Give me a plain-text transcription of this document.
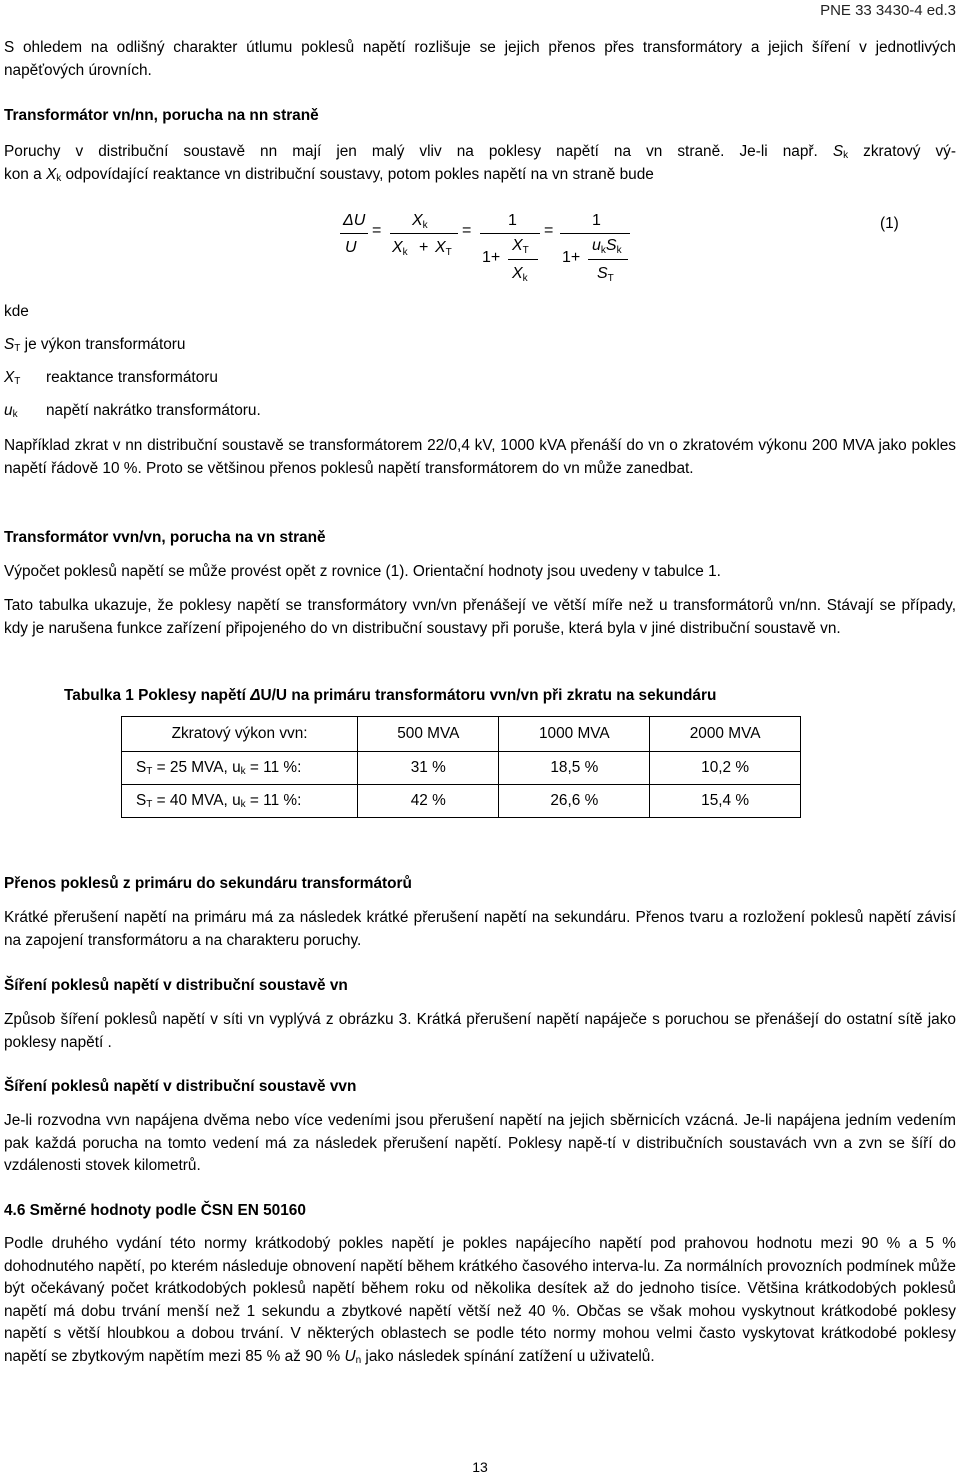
PNE 33 3430-4 ed.3
S ohledem na odlišný charakter útlumu poklesů napětí rozlišuje se jejich přenos přes transformátory a jejich šíření v jednotlivých napěťových úrovních.
Transformátor vn/nn, porucha na nn straně
Poruchy v distribuční soustavě nn mají jen malý vliv na poklesy napětí na vn straně. Je-li např. $S_k$ zkratový vý-
kon a $X_k$ odpovídající reaktance vn distribuční soustavy, potom pokles napětí na vn straně bude
ΔU
U
=
Xk
Xk + XT
=
1
1+
XT
Xk
=
1
1+
ukSk
ST
(1)
kde
$S_T$ je výkon transformátoru
$X_T$ reaktance transformátoru
$u_k$ napětí nakrátko transformátoru.
Například zkrat v nn distribuční soustavě se transformátorem 22/0,4 kV, 1000 kVA přenáší do vn o zkratovém výkonu 200 MVA jako pokles napětí řádově 10 %. Proto se většinou přenos poklesů napětí transformátorem do vn může zanedbat.
Transformátor vvn/vn, porucha na vn straně
Výpočet poklesů napětí se může provést opět z rovnice (1). Orientační hodnoty jsou uvedeny v tabulce 1.
Tato tabulka ukazuje, že poklesy napětí se transformátory vvn/vn přenášejí ve větší míře než u transformátorů vn/nn. Stávají se případy, kdy je narušena funkce zařízení připojeného do vn distribuční soustavy při poruše, která byla v jiné distribuční soustavě vn.
Tabulka 1 Poklesy napětí ΔU/U na primáru transformátoru vvn/vn při zkratu na sekundáru
Zkratový výkon vvn:	500 MVA	1000 MVA	2000 MVA
$S_T = 25$ MVA, $u_k = 11$ %:	31 %	18,5 %	10,2 %
$S_T = 40$ MVA, $u_k = 11$ %:	42 %	26,6 %	15,4 %
Přenos poklesů z primáru do sekundáru transformátorů
Krátké přerušení napětí na primáru má za následek krátké přerušení napětí na sekundáru. Přenos tvaru a rozložení poklesů napětí závisí na zapojení transformátoru a na charakteru poruchy.
Šíření poklesů napětí v distribuční soustavě vn
Způsob šíření poklesů napětí v síti vn vyplývá z obrázku 3. Krátká přerušení napětí napáječe s poruchou se přenášejí do ostatní sítě jako poklesy napětí .
Šíření poklesů napětí v distribuční soustavě vvn
Je-li rozvodna vvn napájena dvěma nebo více vedeními jsou přerušení napětí na jejich sběrnicích vzácná. Je-li napájena jedním vedením pak každá porucha na tomto vedení má za následek přerušení napětí. Poklesy napě-tí v distribučních soustavách vvn a zvn se šíří do vzdálenosti stovek kilometrů.
4.6 Směrné hodnoty podle ČSN EN 50160
Podle druhého vydání této normy krátkodobý pokles napětí je pokles napájecího napětí pod prahovou hodnotu mezi 90 % a 5 % dohodnutého napětí, po kterém následuje obnovení napětí během krátkého časového interva-lu. Za normálních provozních podmínek může být očekávaný počet krátkodobých poklesů napětí během roku od několika desítek až do jednoho tisíce. Většina krátkodobých poklesů napětí má dobu trvání menší než 1 sekundu a zbytkové napětí větší než 40 %. Občas se však mohou vyskytnout krátkodobé poklesy napětí s větší hloubkou a dobou trvání. V některých oblastech se podle této normy mohou velmi často vyskytovat krátkodobé poklesy napětí se zbytkovým napětím mezi 85 % až 90 % $U_n$ jako následek spínání zatížení u uživatelů.
13
